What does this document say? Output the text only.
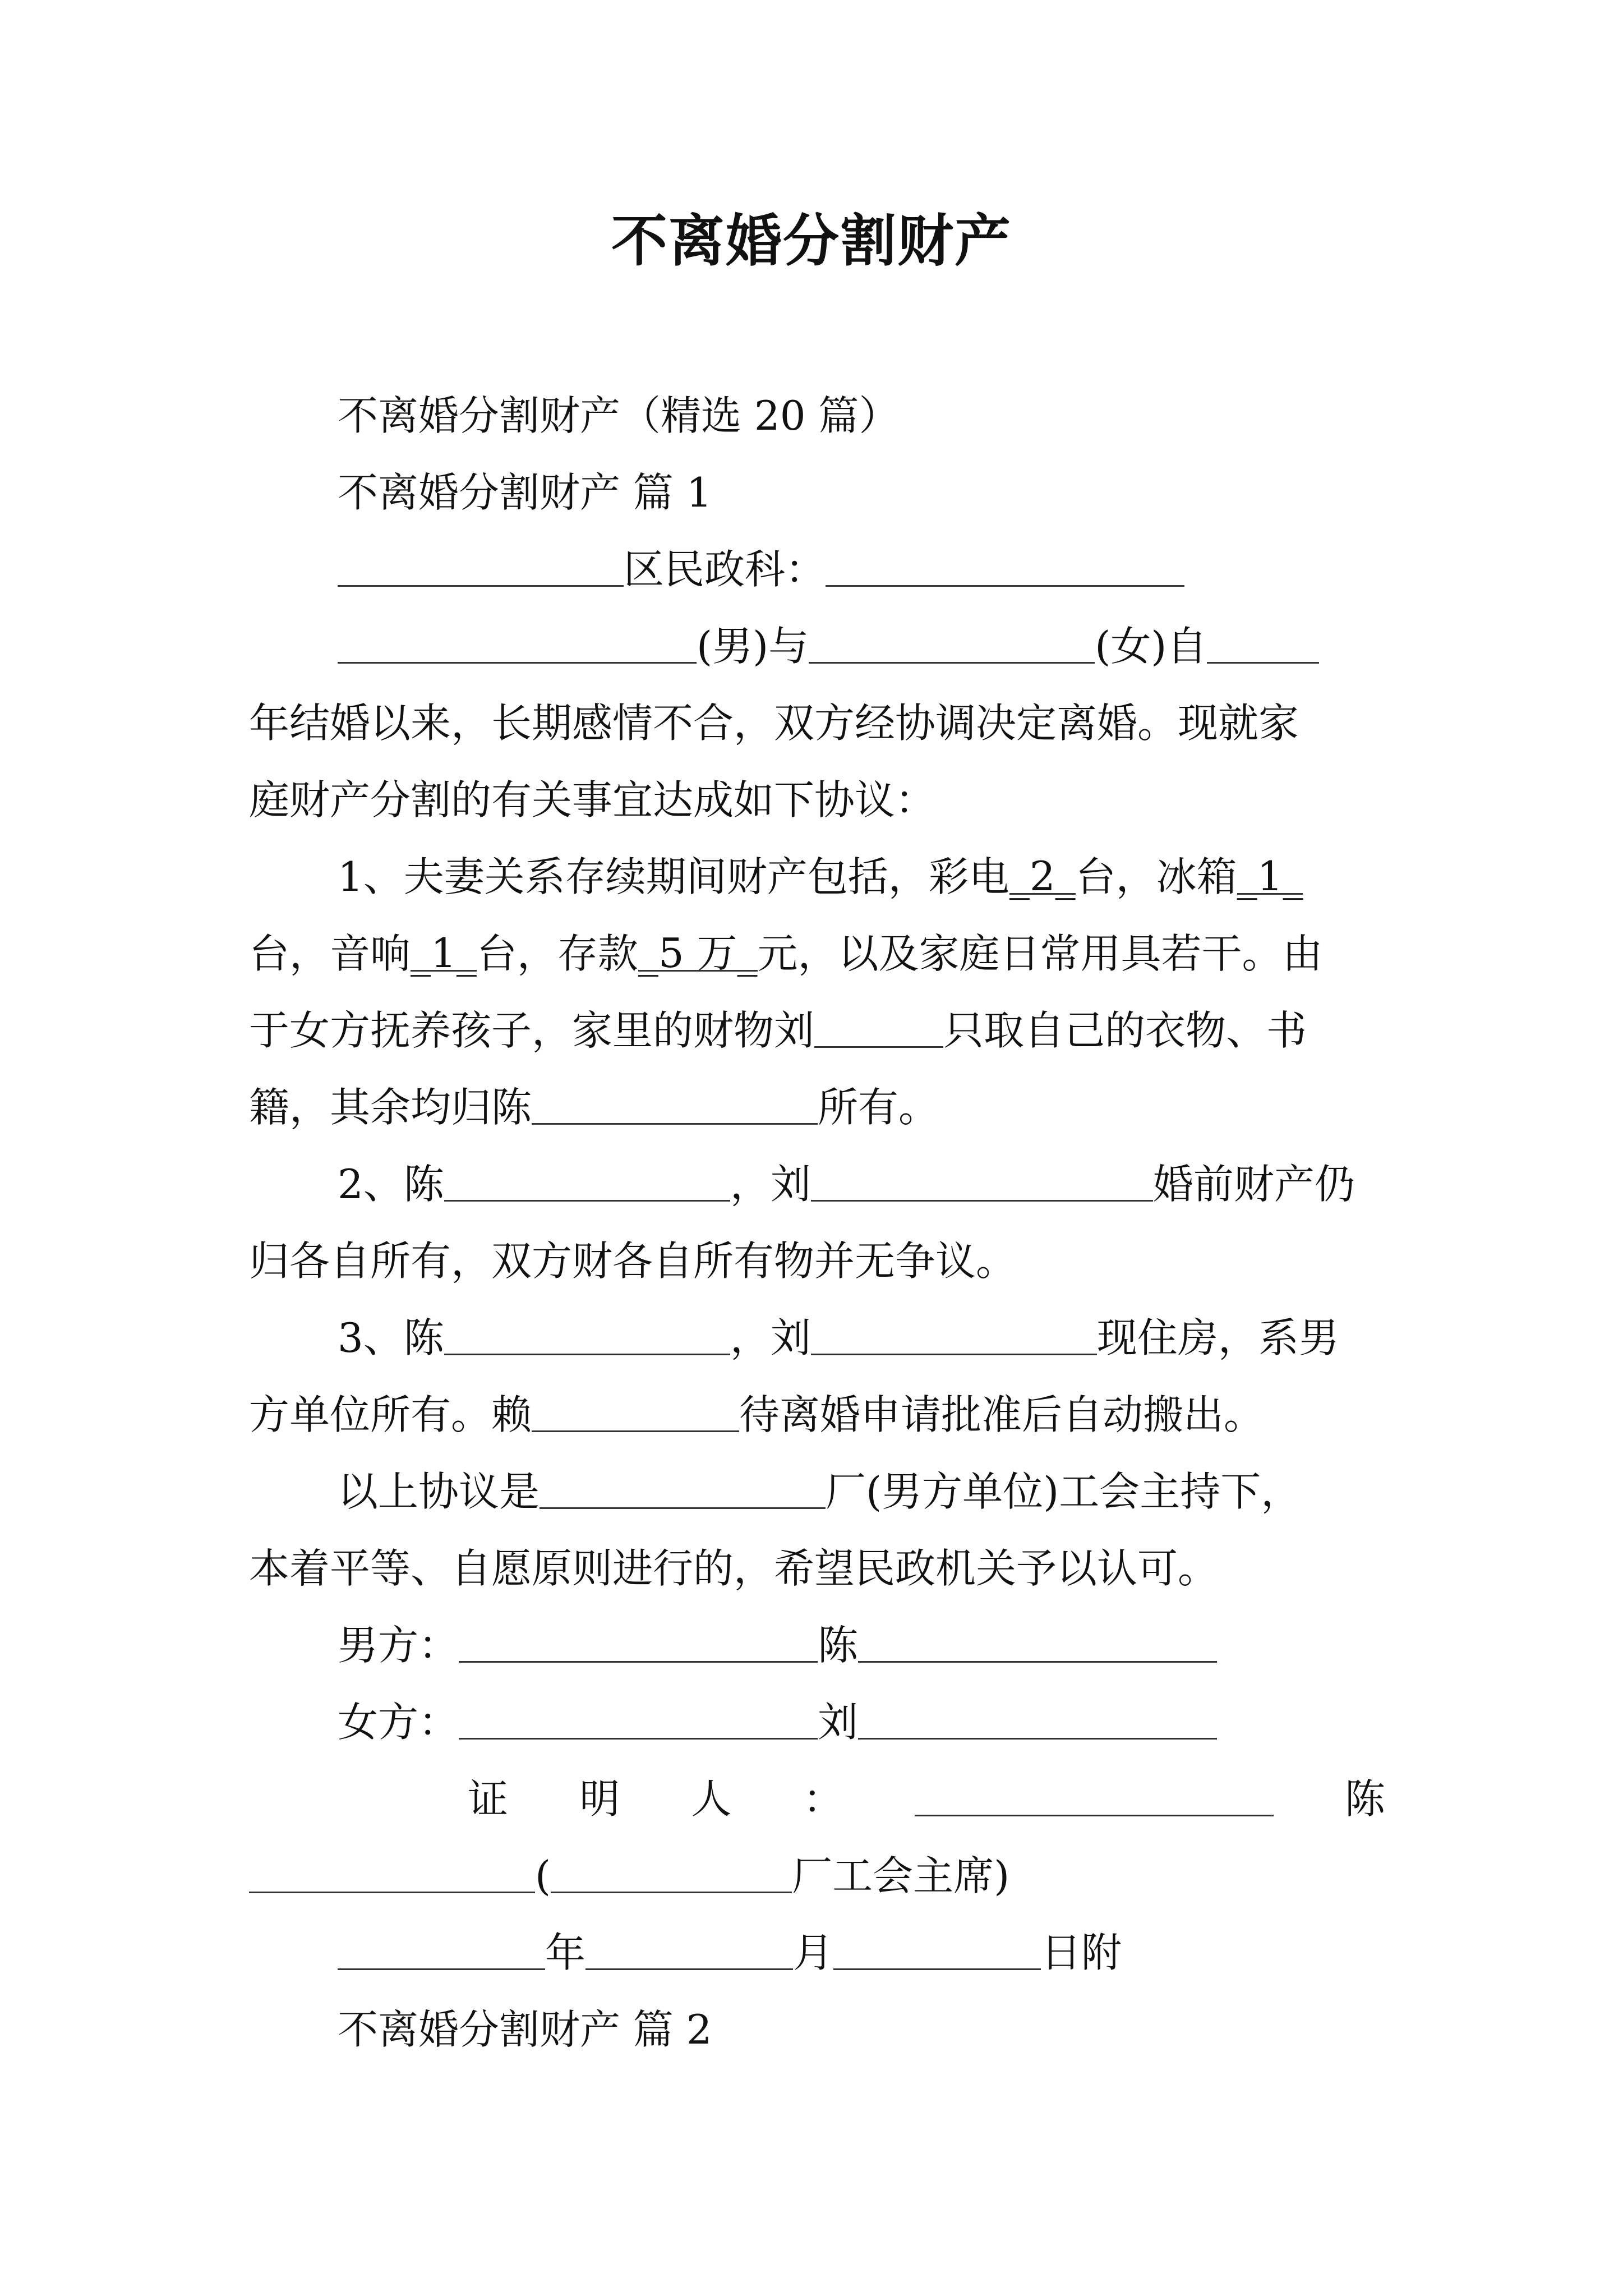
不离婚分割财产
不离婚分割财产（精选 20 篇）
不离婚分割财产 篇 1
区民政科：
(男)与	(女)自
年结婚以来，长期感情不合，双方经协调决定离婚。现就家
庭财产分割的有关事宜达成如下协议：
1、夫妻关系存续期间财产包括，彩电 _2_ 台，冰箱 _1_
台，音响 _1_ 台，存款 _5 万_ 元，以及家庭日常用具若干。由
于女方抚养孩子，家里的财物刘	只取自己的衣物、书
籍，其余均归陈	所有。
2、陈	，刘	婚前财产仍
归各自所有，双方财各自所有物并无争议。
3、陈	，刘	现住房，系男
方单位所有。赖	待离婚申请批准后自动搬出。
以上协议是	厂(男方单位)工会主持下，
本着平等、自愿原则进行的，希望民政机关予以认可。
男方：	陈
女方：	刘
证 明 人 ：	陈
(	厂工会主席)
年	月	日附
不离婚分割财产 篇 2
